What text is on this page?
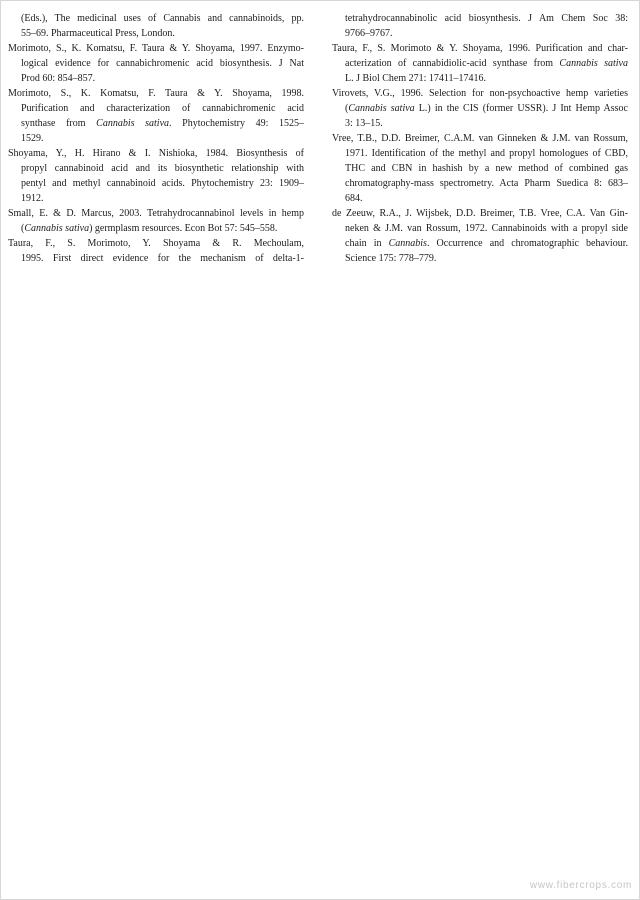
(Eds.), The medicinal uses of Cannabis and cannabinoids, pp.
55–69. Pharmaceutical Press, London.
Morimoto, S., K. Komatsu, F. Taura & Y. Shoyama, 1997. Enzymo-
logical evidence for cannabichromenic acid biosynthesis. J Nat
Prod 60: 854–857.
Morimoto, S., K. Komatsu, F. Taura & Y. Shoyama, 1998.
Purification and characterization of cannabichromenic acid
synthase from Cannabis sativa. Phytochemistry 49: 1525–
1529.
Shoyama, Y., H. Hirano & I. Nishioka, 1984. Biosynthesis of
propyl cannabinoid acid and its biosynthetic relationship with
pentyl and methyl cannabinoid acids. Phytochemistry 23: 1909–
1912.
Small, E. & D. Marcus, 2003. Tetrahydrocannabinol levels in hemp
(Cannabis sativa) germplasm resources. Econ Bot 57: 545–558.
Taura, F., S. Morimoto, Y. Shoyama & R. Mechoulam,
1995. First direct evidence for the mechanism of delta-1-
tetrahydrocannabinolic acid biosynthesis. J Am Chem Soc 38:
9766–9767.
Taura, F., S. Morimoto & Y. Shoyama, 1996. Purification and char-
acterization of cannabidiolic-acid synthase from Cannabis sativa
L. J Biol Chem 271: 17411–17416.
Virovets, V.G., 1996. Selection for non-psychoactive hemp varieties
(Cannabis sativa L.) in the CIS (former USSR). J Int Hemp Assoc
3: 13–15.
Vree, T.B., D.D. Breimer, C.A.M. van Ginneken & J.M. van Rossum,
1971. Identification of the methyl and propyl homologues of CBD,
THC and CBN in hashish by a new method of combined gas
chromatography-mass spectrometry. Acta Pharm Suedica 8: 683–
684.
de Zeeuw, R.A., J. Wijsbek, D.D. Breimer, T.B. Vree, C.A. Van Gin-
neken & J.M. van Rossum, 1972. Cannabinoids with a propyl side
chain in Cannabis. Occurrence and chromatographic behaviour.
Science 175: 778–779.
www.fibercrops.com
